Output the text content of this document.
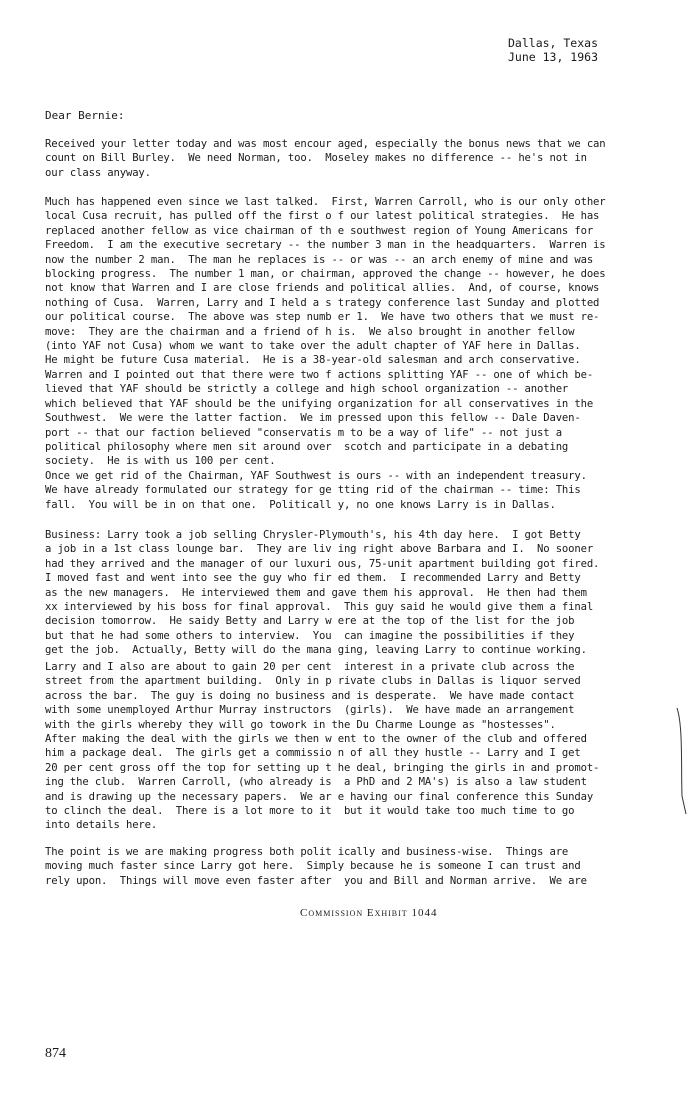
Dallas, Texas
June 13, 1963
Dear Bernie:
Received your letter today and was most encour aged, especially the bonus news that we can
count on Bill Burley.  We need Norman, too.  Moseley makes no difference -- he's not in
our class anyway.
Much has happened even since we last talked.  First, Warren Carroll, who is our only other
local Cusa recruit, has pulled off the first o f our latest political strategies.  He has
replaced another fellow as vice chairman of th e southwest region of Young Americans for
Freedom.  I am the executive secretary -- the number 3 man in the headquarters.  Warren is
now the number 2 man.  The man he replaces is -- or was -- an arch enemy of mine and was
blocking progress.  The number 1 man, or chairman, approved the change -- however, he does
not know that Warren and I are close friends and political allies.  And, of course, knows
nothing of Cusa.  Warren, Larry and I held a s trategy conference last Sunday and plotted
our political course.  The above was step numb er 1.  We have two others that we must re-
move:  They are the chairman and a friend of h is.  We also brought in another fellow
(into YAF not Cusa) whom we want to take over the adult chapter of YAF here in Dallas.
He might be future Cusa material.  He is a 38-year-old salesman and arch conservative.
Warren and I pointed out that there were two f actions splitting YAF -- one of which be-
lieved that YAF should be strictly a college and high school organization -- another
which believed that YAF should be the unifying organization for all conservatives in the
Southwest.  We were the latter faction.  We im pressed upon this fellow -- Dale Daven-
port -- that our faction believed "conservatis m to be a way of life" -- not just a
political philosophy where men sit around over  scotch and participate in a debating
society.  He is with us 100 per cent.
Once we get rid of the Chairman, YAF Southwest is ours -- with an independent treasury.
We have already formulated our strategy for ge tting rid of the chairman -- time: This
fall.  You will be in on that one.  Politicall y, no one knows Larry is in Dallas.
Business: Larry took a job selling Chrysler-Plymouth's, his 4th day here.  I got Betty
a job in a 1st class lounge bar.  They are liv ing right above Barbara and I.  No sooner
had they arrived and the manager of our luxuri ous, 75-unit apartment building got fired.
I moved fast and went into see the guy who fir ed them.  I recommended Larry and Betty
as the new managers.  He interviewed them and gave them his approval.  He then had them
xx interviewed by his boss for final approval.  This guy said he would give them a final
decision tomorrow.  He saidy Betty and Larry w ere at the top of the list for the job
but that he had some others to interview.  You  can imagine the possibilities if they
get the job.  Actually, Betty will do the mana ging, leaving Larry to continue working.
Larry and I also are about to gain 20 per cent  interest in a private club across the
street from the apartment building.  Only in p rivate clubs in Dallas is liquor served
across the bar.  The guy is doing no business and is desperate.  We have made contact
with some unemployed Arthur Murray instructors  (girls).  We have made an arrangement
with the girls whereby they will go towork in the Du Charme Lounge as "hostesses".
After making the deal with the girls we then w ent to the owner of the club and offered
him a package deal.  The girls get a commissio n of all they hustle -- Larry and I get
20 per cent gross off the top for setting up t he deal, bringing the girls in and promot-
ing the club.  Warren Carroll, (who already is  a PhD and 2 MA's) is also a law student
and is drawing up the necessary papers.  We ar e having our final conference this Sunday
to clinch the deal.  There is a lot more to it  but it would take too much time to go
into details here.
The point is we are making progress both polit ically and business-wise.  Things are
moving much faster since Larry got here.  Simply because he is someone I can trust and
rely upon.  Things will move even faster after  you and Bill and Norman arrive.  We are
Commission Exhibit 1044
874
